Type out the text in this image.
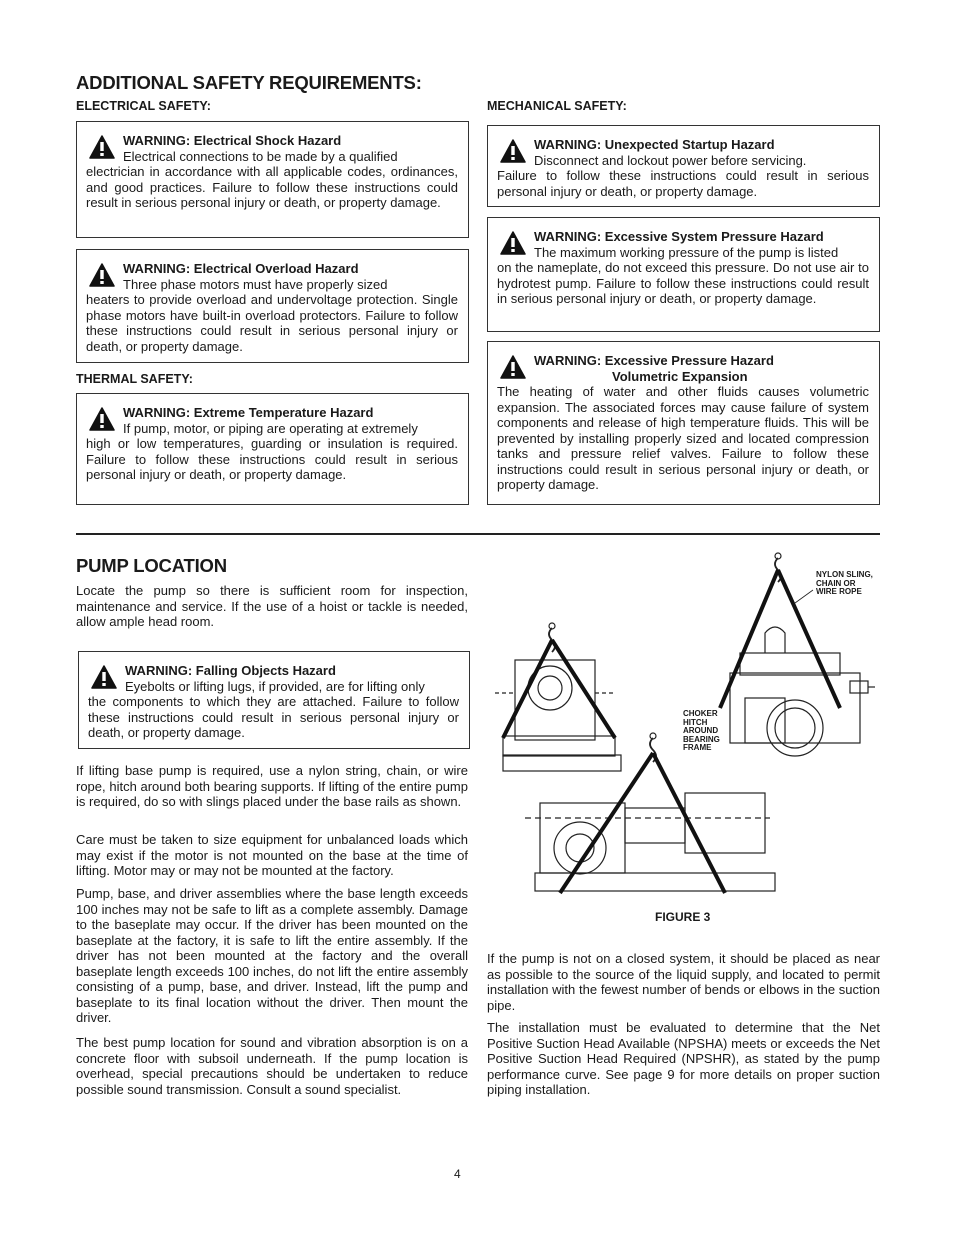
ADDITIONAL SAFETY REQUIREMENTS:
ELECTRICAL SAFETY:	MECHANICAL SAFETY:
WARNING: Electrical Shock Hazard
Electrical connections to be made by a qualified
electrician in accordance with all applicable codes, ordinances, and good practices. Failure to follow these instructions could result in serious personal injury or death, or property damage.
WARNING: Electrical Overload Hazard
Three phase motors must have properly sized
heaters to provide overload and undervoltage protection. Single phase motors have built-in overload protectors. Failure to follow these instructions could result in serious personal injury or death, or property damage.
THERMAL SAFETY:
WARNING: Extreme Temperature Hazard
If pump, motor, or piping are operating at extremely
high or low temperatures, guarding or insulation is required. Failure to follow these instructions could result in serious personal injury or death, or property damage.
WARNING: Unexpected Startup Hazard
Disconnect and lockout power before servicing.
Failure to follow these instructions could result in serious personal injury or death, or property damage.
WARNING: Excessive System Pressure Hazard
The maximum working pressure of the pump is listed
on the nameplate, do not exceed this pressure. Do not use air to hydrotest pump. Failure to follow these instructions could result in serious personal injury or death, or property damage.
WARNING: Excessive Pressure Hazard
Volumetric Expansion
The heating of water and other fluids causes volumetric expansion. The associated forces may cause failure of system components and release of high temperature fluids. This will be prevented by installing properly sized and located compression tanks and pressure relief valves. Failure to follow these instructions could result in serious personal injury or death, or property damage.
PUMP LOCATION
Locate the pump so there is sufficient room for inspection, maintenance and service. If the use of a hoist or tackle is needed, allow ample head room.
WARNING: Falling Objects Hazard
Eyebolts or lifting lugs, if provided, are for lifting only
the components to which they are attached. Failure to follow these instructions could result in serious personal injury or death, or property damage.
If lifting base pump is required, use a nylon string, chain, or wire rope, hitch around both bearing supports. If lifting of the entire pump is required, do so with slings placed under the base rails as shown.
Care must be taken to size equipment for unbalanced loads which may exist if the motor is not mounted on the base at the time of lifting. Motor may or may not be mounted at the factory.
Pump, base, and driver assemblies where the base length exceeds 100 inches may not be safe to lift as a complete assembly. Damage to the baseplate may occur. If the driver has been mounted on the baseplate at the factory, it is safe to lift the entire assembly. If the driver has not been mounted at the factory and the overall baseplate length exceeds 100 inches, do not lift the entire assembly consisting of a pump, base, and driver. Instead, lift the pump and baseplate to its final location without the driver. Then mount the driver.
The best pump location for sound and vibration absorption is on a concrete floor with subsoil underneath. If the pump location is overhead, special precautions should be undertaken to reduce possible sound transmission. Consult a sound specialist.
NYLON SLING,
CHAIN OR
WIRE ROPE
CHOKER
HITCH
AROUND
BEARING
FRAME
FIGURE 3
If the pump is not on a closed system, it should be placed as near as possible to the source of the liquid supply, and located to permit installation with the fewest number of bends or elbows in the suction pipe.
The installation must be evaluated to determine that the Net Positive Suction Head Available (NPSHA) meets or exceeds the Net Positive Suction Head Required (NPSHR), as stated by the pump performance curve. See page 9 for more details on proper suction piping installation.
4
